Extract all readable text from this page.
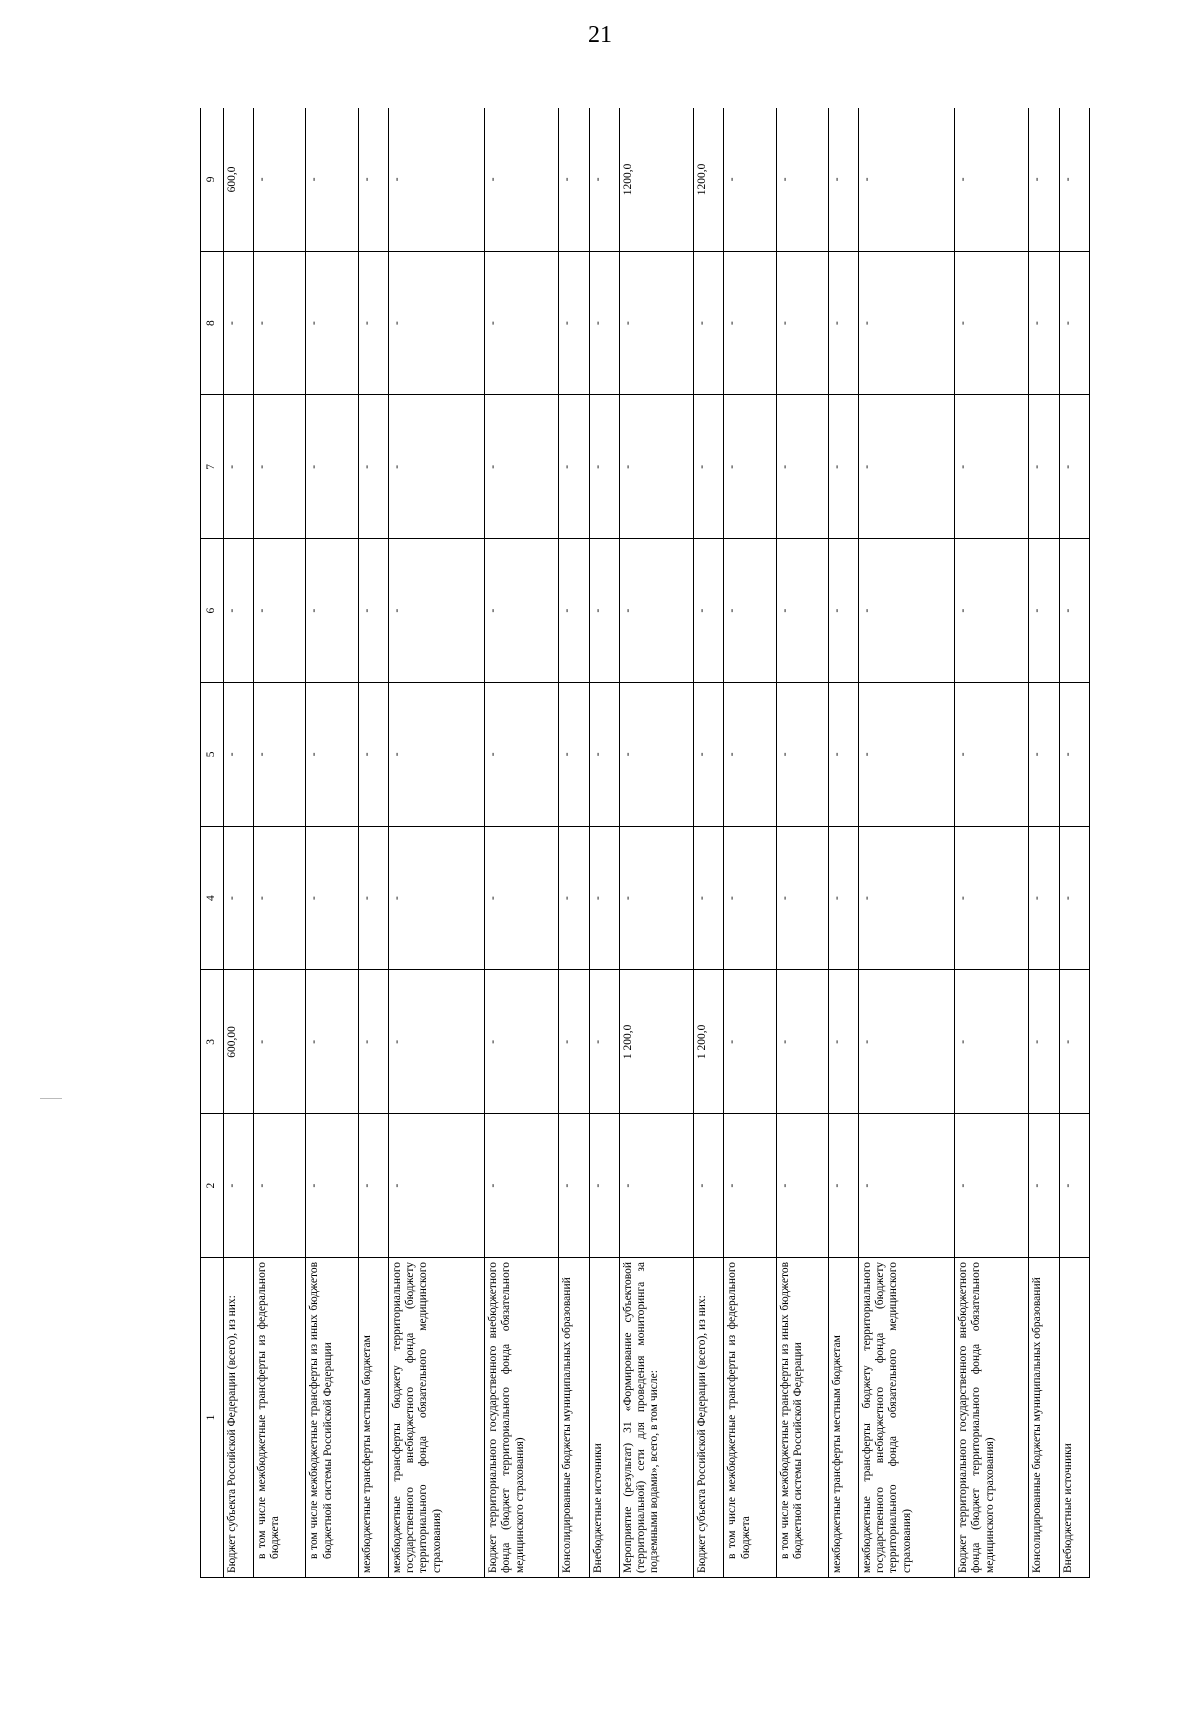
21
1	2	3	4	5	6	7	8	9
Бюджет субъекта Российской Федерации (всего), из них:	-	600,00	-	-	-	-	-	600,0
в том числе межбюджетные трансферты из федерального бюджета	-	-	-	-	-	-	-	-
в том числе межбюджетные трансферты из иных бюджетов бюджетной системы Российской Федерации	-	-	-	-	-	-	-	-
межбюджетные трансферты местным бюджетам	-	-	-	-	-	-	-	-
межбюджетные трансферты бюджету территориального государственного внебюджетного фонда (бюджету территориального фонда обязательного медицинского страхования)	-	-	-	-	-	-	-	-
Бюджет территориального государственного внебюджетного фонда (бюджет территориального фонда обязательного медицинского страхования)	-	-	-	-	-	-	-	-
Консолидированные бюджеты муниципальных образований	-	-	-	-	-	-	-	-
Внебюджетные источники	-	-	-	-	-	-	-	-
Мероприятие (результат) 31 «Формирование субъектовой (территориальной) сети для проведения мониторинга за подземными водами», всего, в том числе:	-	1 200,0	-	-	-	-	-	1200,0
Бюджет субъекта Российской Федерации (всего), из них:	-	1 200,0	-	-	-	-	-	1200,0
в том числе межбюджетные трансферты из федерального бюджета	-	-	-	-	-	-	-	-
в том числе межбюджетные трансферты из иных бюджетов бюджетной системы Российской Федерации	-	-	-	-	-	-	-	-
межбюджетные трансферты местным бюджетам	-	-	-	-	-	-	-	-
межбюджетные трансферты бюджету территориального государственного внебюджетного фонда (бюджету территориального фонда обязательного медицинского страхования)	-	-	-	-	-	-	-	-
Бюджет территориального государственного внебюджетного фонда (бюджет территориального фонда обязательного медицинского страхования)	-	-	-	-	-	-	-	-
Консолидированные бюджеты муниципальных образований	-	-	-	-	-	-	-	-
Внебюджетные источники	-	-	-	-	-	-	-	-
